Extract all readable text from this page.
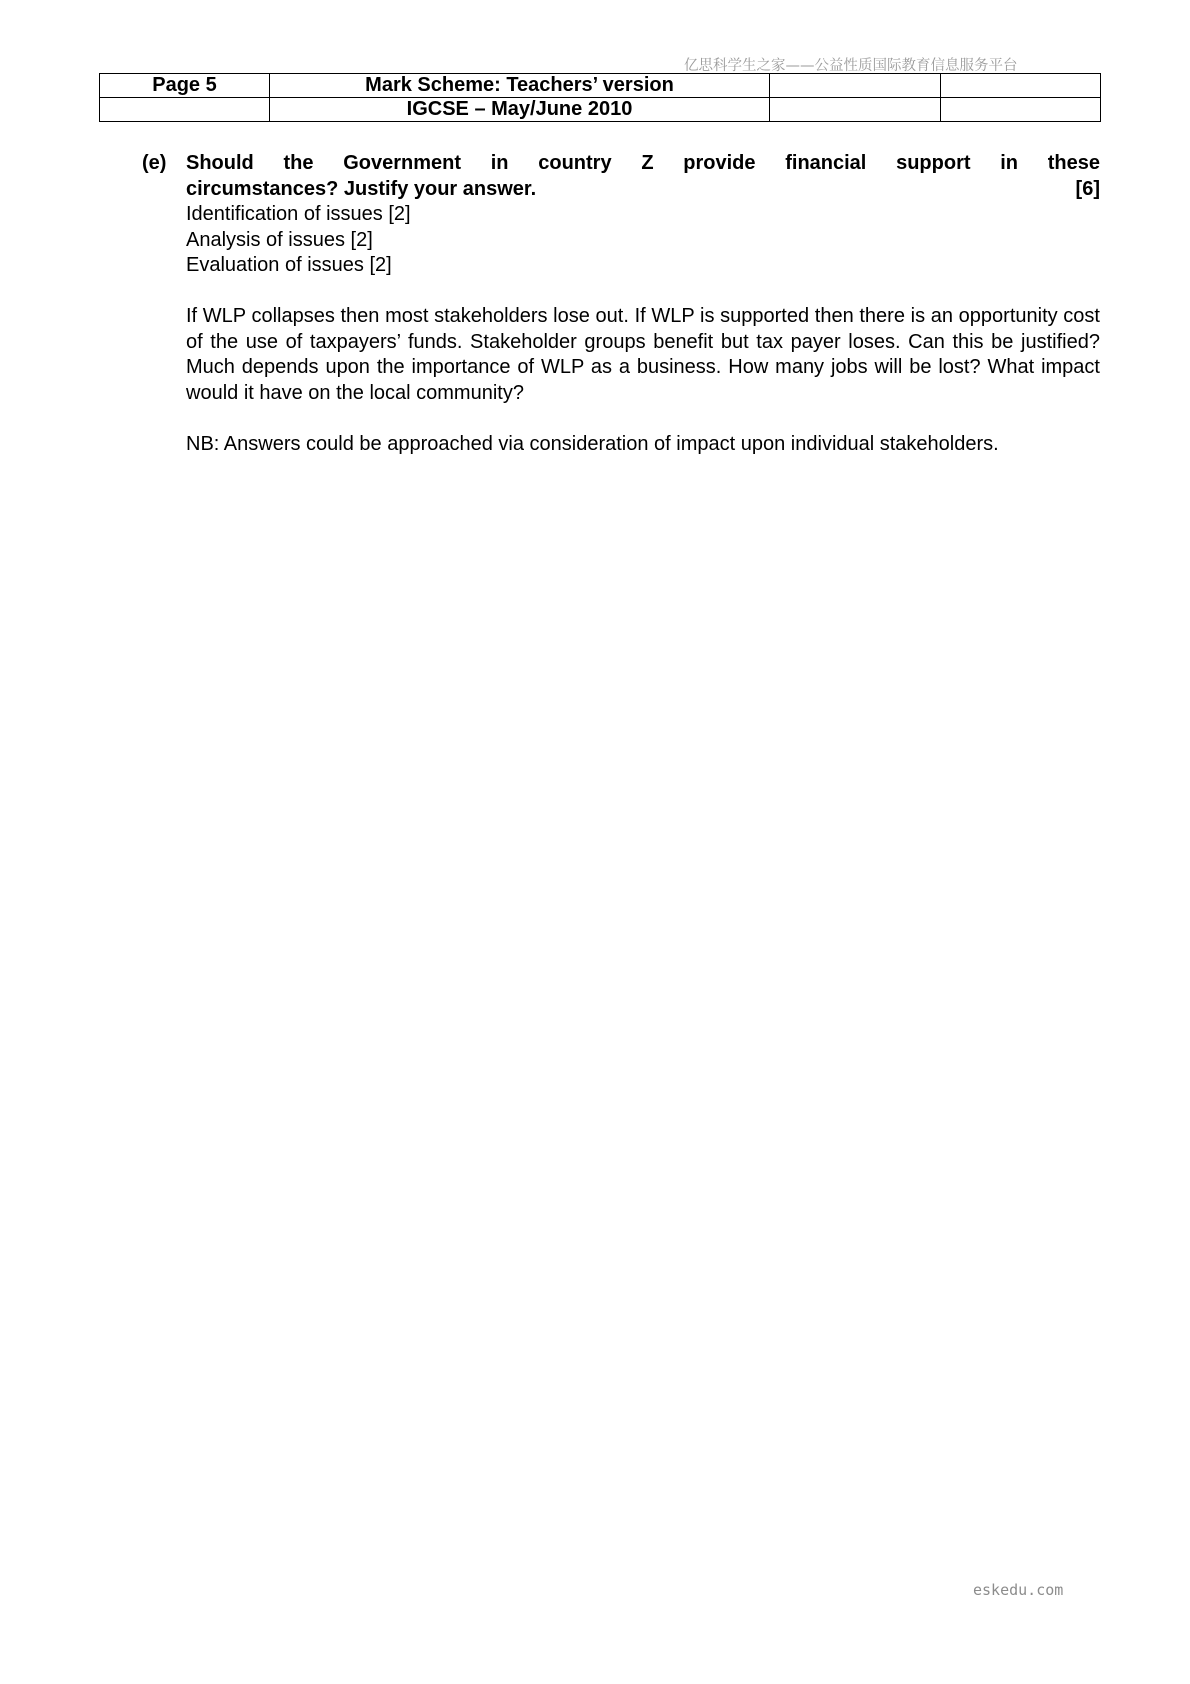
亿思科学生之家——公益性质国际教育信息服务平台
Page 5	Mark Scheme: Teachers’ version		
	IGCSE – May/June 2010		
(e) Should the Government in country Z provide financial support in these
circumstances? Justify your answer.	[6]
Identification of issues [2]
Analysis of issues [2]
Evaluation of issues [2]
If WLP collapses then most stakeholders lose out. If WLP is supported then there is an opportunity cost of the use of taxpayers’ funds. Stakeholder groups benefit but tax payer loses. Can this be justified? Much depends upon the importance of WLP as a business. How many jobs will be lost? What impact would it have on the local community?
NB: Answers could be approached via consideration of impact upon individual stakeholders.
eskedu.com
